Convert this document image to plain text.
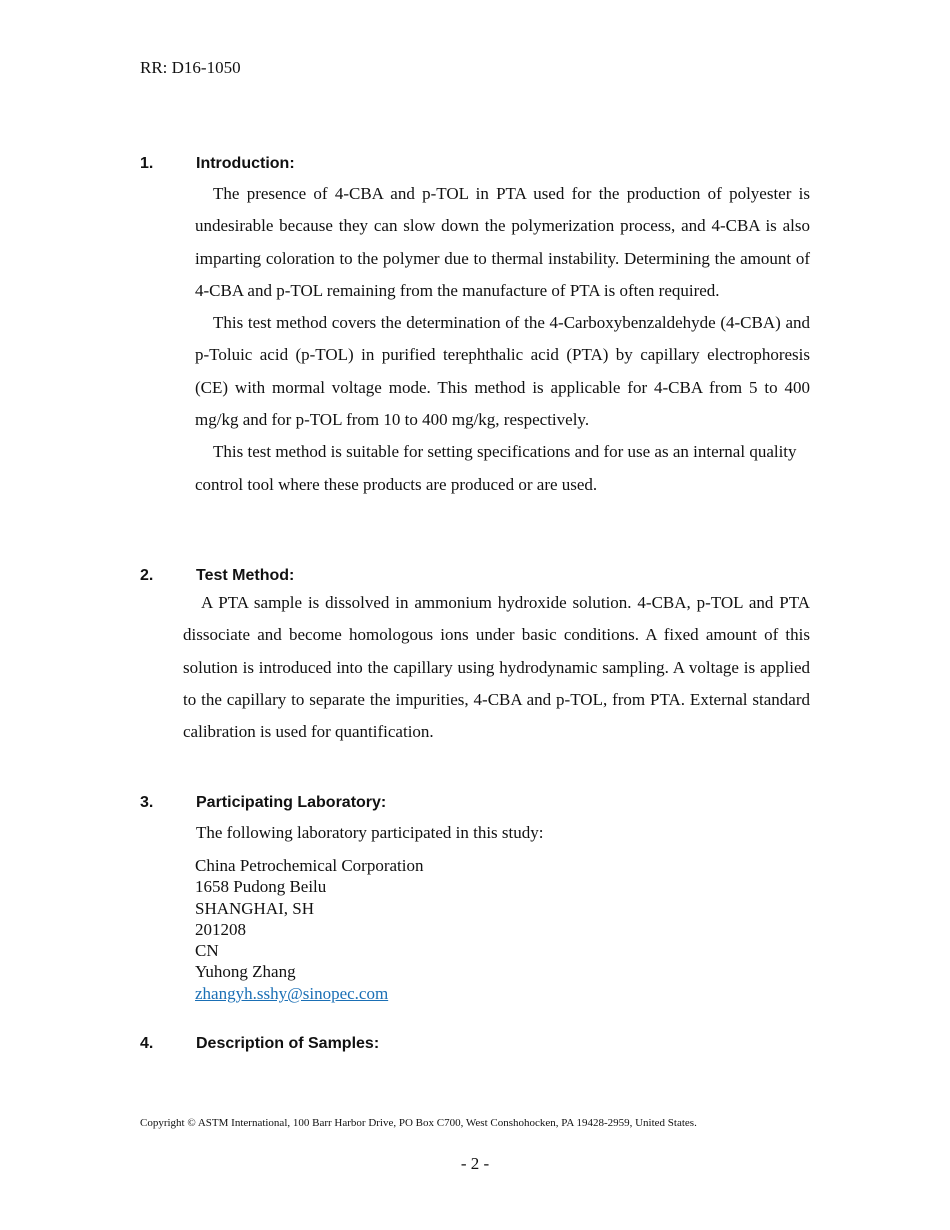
RR: D16-1050
1.	Introduction:

The presence of 4-CBA and p-TOL in PTA used for the production of polyester is undesirable because they can slow down the polymerization process, and 4-CBA is also imparting coloration to the polymer due to thermal instability. Determining the amount of 4-CBA and p-TOL remaining from the manufacture of PTA is often required.

This test method covers the determination of the 4-Carboxybenzaldehyde (4-CBA) and p-Toluic acid (p-TOL) in purified terephthalic acid (PTA) by capillary electrophoresis (CE) with mormal voltage mode. This method is applicable for 4-CBA from 5 to 400 mg/kg and for p-TOL from 10 to 400 mg/kg, respectively.

This test method is suitable for setting specifications and for use as an internal quality control tool where these products are produced or are used.

2.	Test Method:

A PTA sample is dissolved in ammonium hydroxide solution. 4-CBA, p-TOL and PTA dissociate and become homologous ions under basic conditions. A fixed amount of this solution is introduced into the capillary using hydrodynamic sampling. A voltage is applied to the capillary to separate the impurities, 4-CBA and p-TOL, from PTA. External standard calibration is used for quantification.

3.	Participating Laboratory:
The following laboratory participated in this study:
China Petrochemical Corporation
1658 Pudong Beilu
SHANGHAI, SH
201208
CN
Yuhong Zhang
zhangyh.sshy@sinopec.com
4.	Description of Samples:
Copyright © ASTM International, 100 Barr Harbor Drive, PO Box C700, West Conshohocken, PA 19428-2959, United States.
- 2 -
